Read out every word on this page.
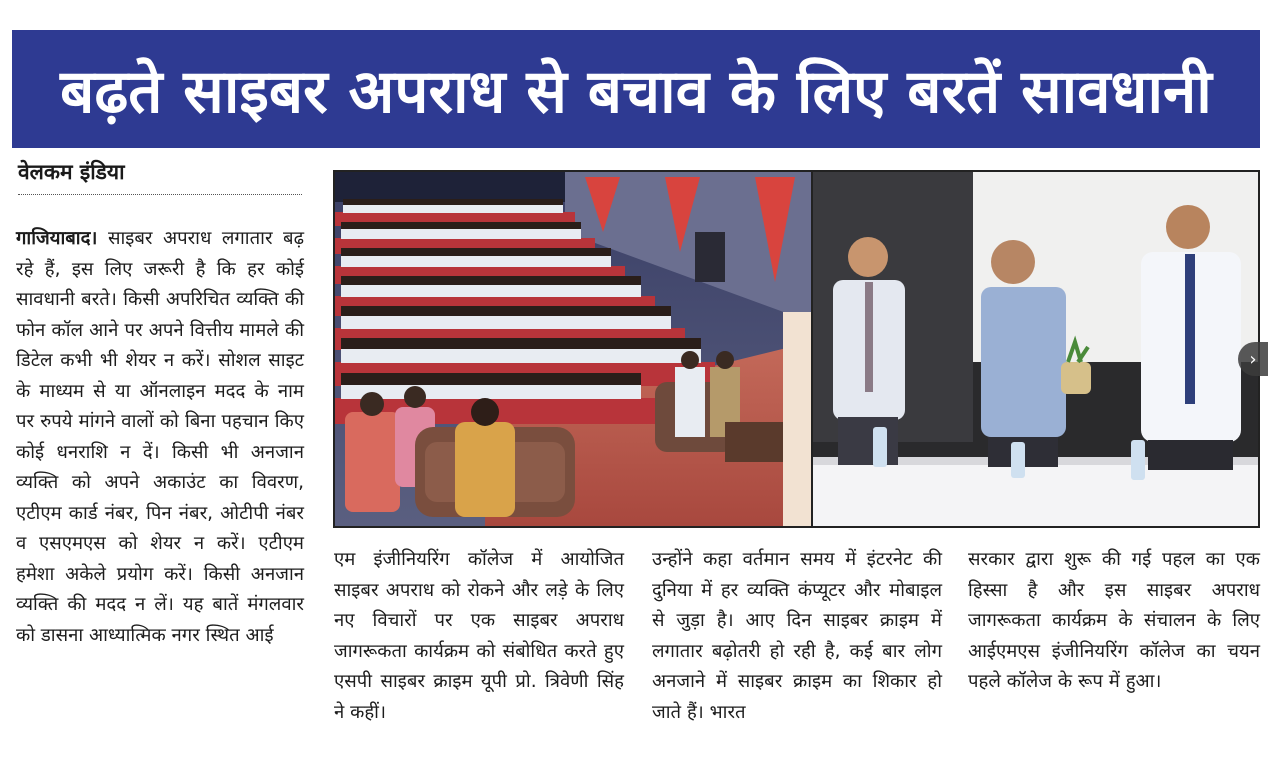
बढ़ते साइबर अपराध से बचाव के लिए बरतें सावधानी
वेलकम इंडिया
गाजियाबाद। साइबर अपराध लगातार बढ़ रहे हैं, इस लिए जरूरी है कि हर कोई सावधानी बरते। किसी अपरिचित व्यक्ति की फोन कॉल आने पर अपने वित्तीय मामले की डिटेल कभी भी शेयर न करें। सोशल साइट के माध्यम से या ऑनलाइन मदद के नाम पर रुपये मांगने वालों को बिना पहचान किए कोई धनराशि न दें। किसी भी अनजान व्यक्ति को अपने अकाउंट का विवरण, एटीएम कार्ड नंबर, पिन नंबर, ओटीपी नंबर व एसएमएस को शेयर न करें। एटीएम हमेशा अकेले प्रयोग करें। किसी अनजान व्यक्ति की मदद न लें। यह बातें मंगलवार को डासना आध्यात्मिक नगर स्थित आई
›
एम इंजीनियरिंग कॉलेज में आयोजित साइबर अपराध को रोकने और लड़े के लिए नए विचारों पर एक साइबर अपराध जागरूकता कार्यक्रम को संबोधित करते हुए एसपी साइबर क्राइम यूपी प्रो. त्रिवेणी सिंह ने कहीं।
उन्होंने कहा वर्तमान समय में इंटरनेट की दुनिया में हर व्यक्ति कंप्यूटर और मोबाइल से जुड़ा है। आए दिन साइबर क्राइम में लगातार बढ़ोतरी हो रही है, कई बार लोग अनजाने में साइबर क्राइम का शिकार हो जाते हैं। भारत
सरकार द्वारा शुरू की गई पहल का एक हिस्सा है और इस साइबर अपराध जागरूकता कार्यक्रम के संचालन के लिए आईएमएस इंजीनियरिंग कॉलेज का चयन पहले कॉलेज के रूप में हुआ।
